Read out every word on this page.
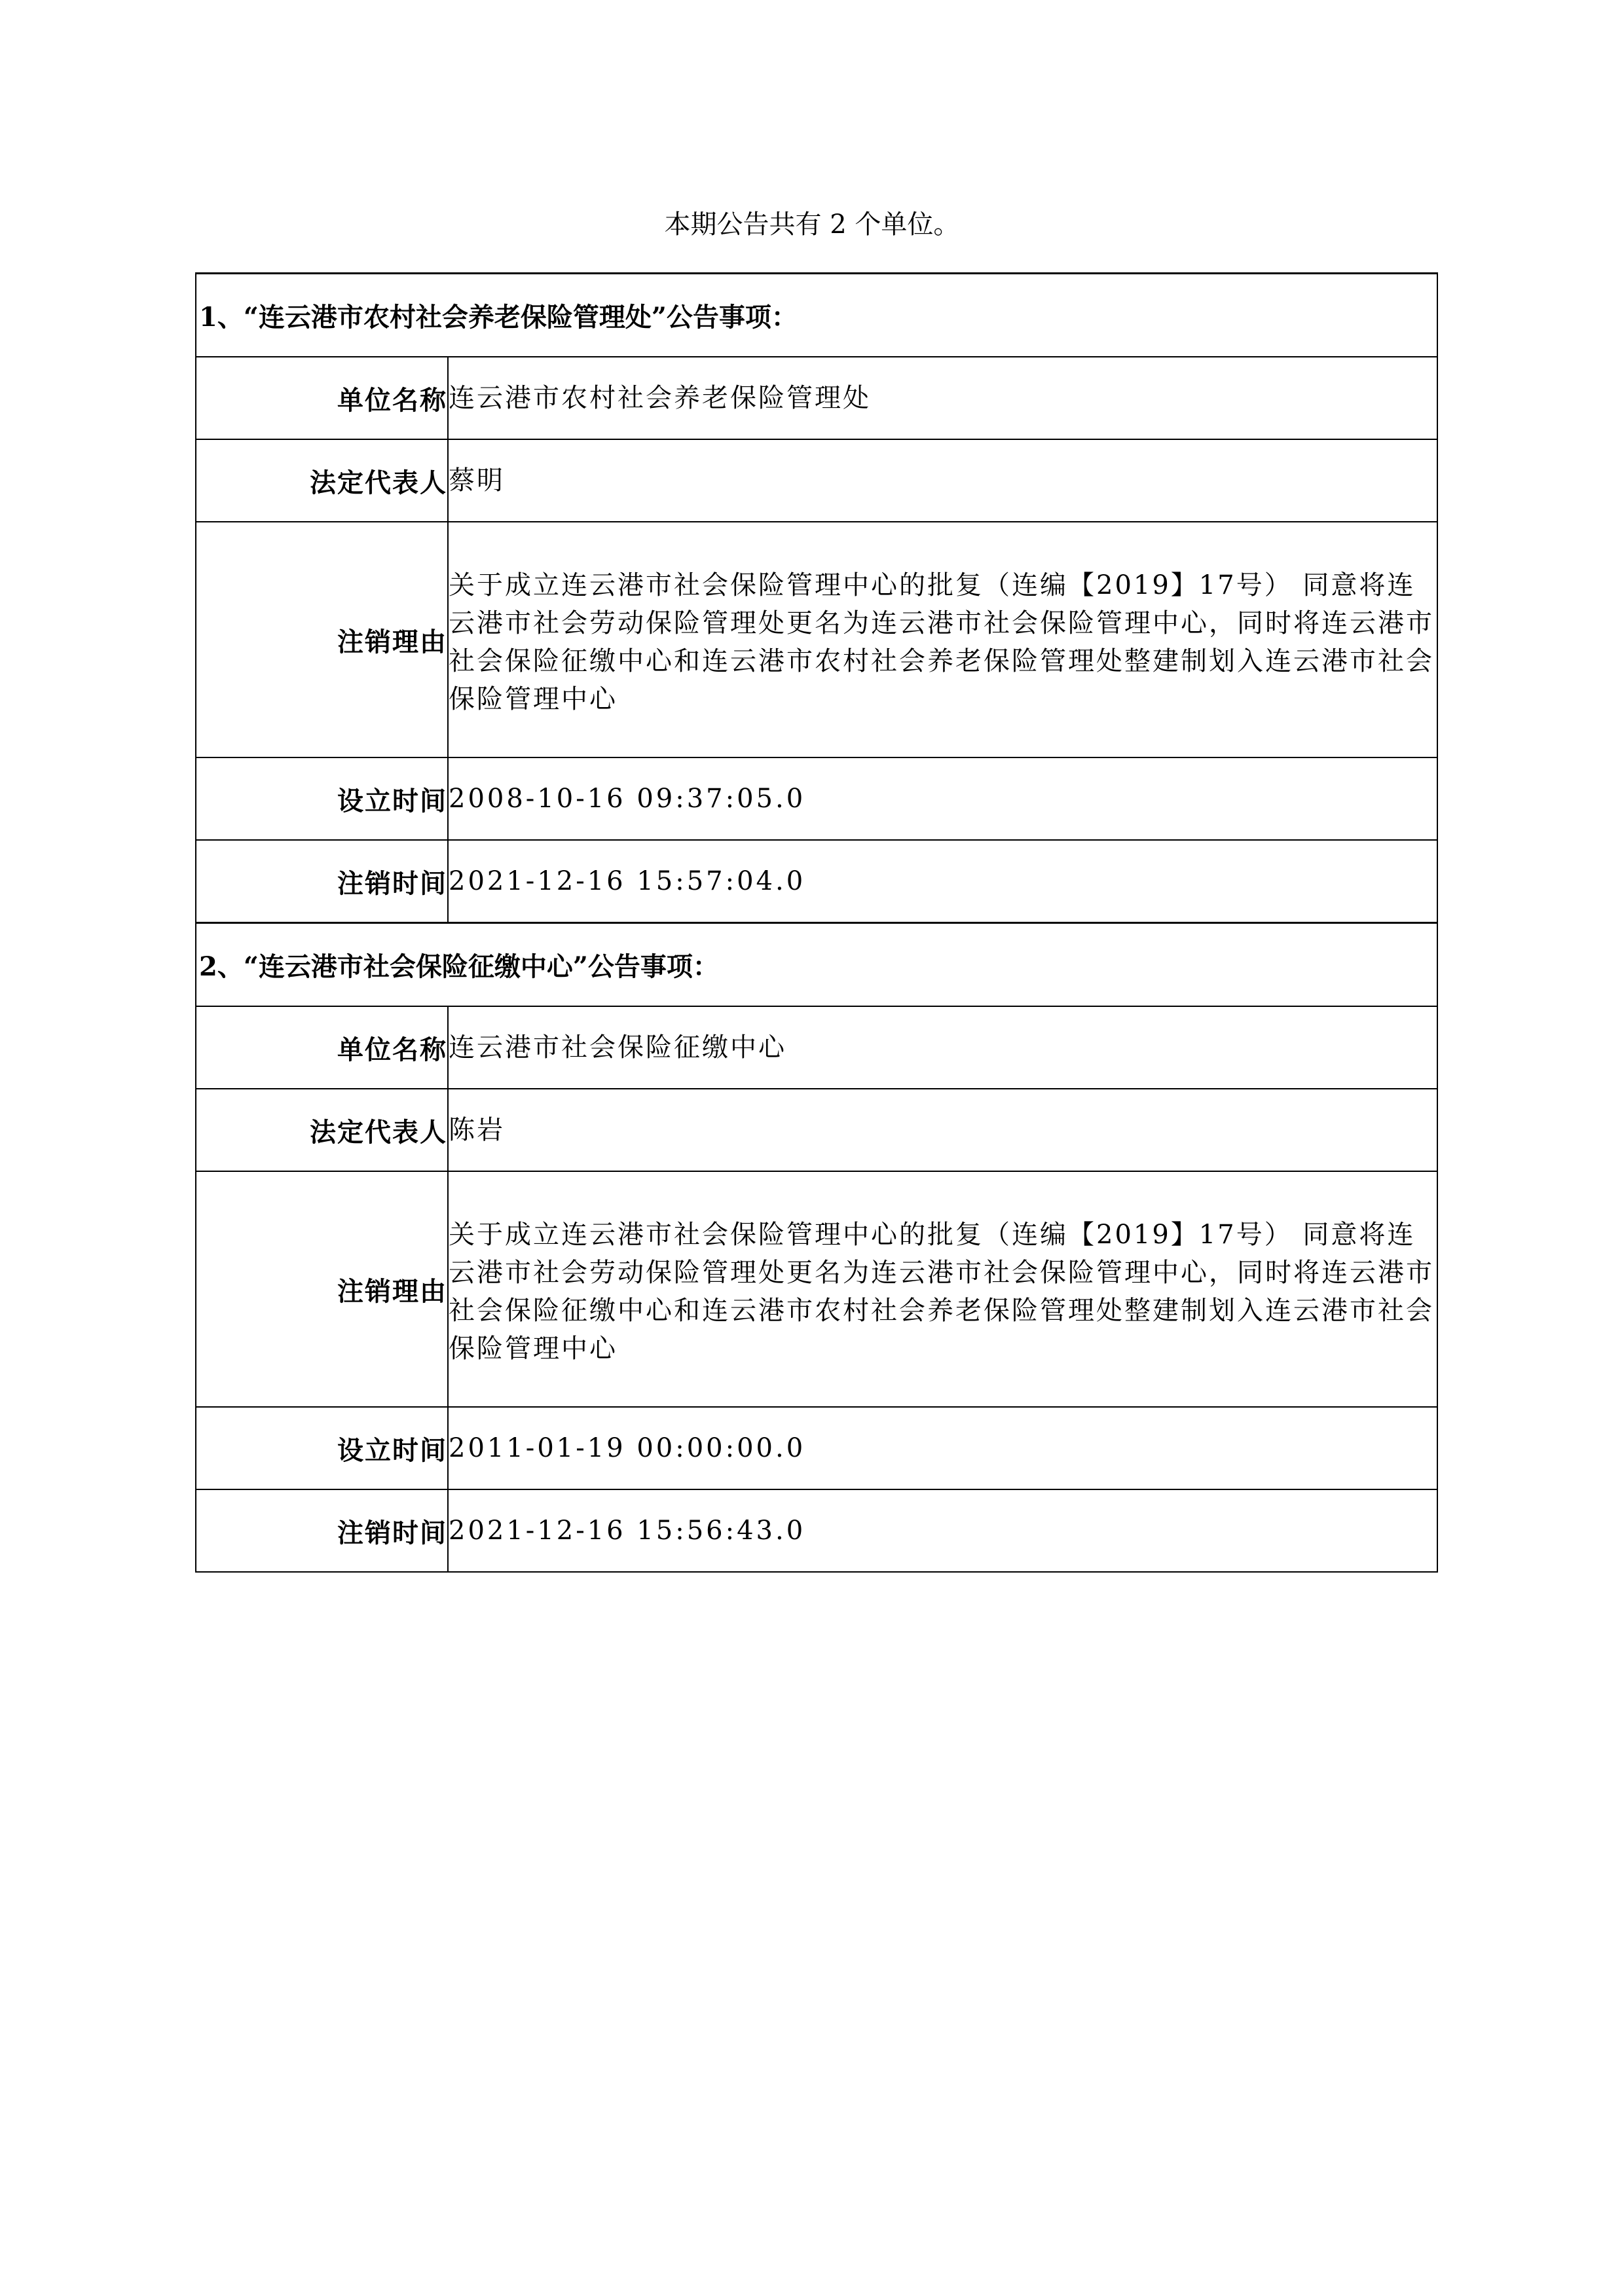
本期公告共有 2 个单位。
1、“连云港市农村社会养老保险管理处”公告事项：	
单位名称	连云港市农村社会养老保险管理处
法定代表人	蔡明
注销理由	关于成立连云港市社会保险管理中心的批复（连编【2019】17号） 同意将连云港市社会劳动保险管理处更名为连云港市社会保险管理中心，同时将连云港市社会保险征缴中心和连云港市农村社会养老保险管理处整建制划入连云港市社会保险管理中心
设立时间	2008-10-16 09:37:05.0
注销时间	2021-12-16 15:57:04.0
2、“连云港市社会保险征缴中心”公告事项：	
单位名称	连云港市社会保险征缴中心
法定代表人	陈岩
注销理由	关于成立连云港市社会保险管理中心的批复（连编【2019】17号） 同意将连云港市社会劳动保险管理处更名为连云港市社会保险管理中心，同时将连云港市社会保险征缴中心和连云港市农村社会养老保险管理处整建制划入连云港市社会保险管理中心
设立时间	2011-01-19 00:00:00.0
注销时间	2021-12-16 15:56:43.0
